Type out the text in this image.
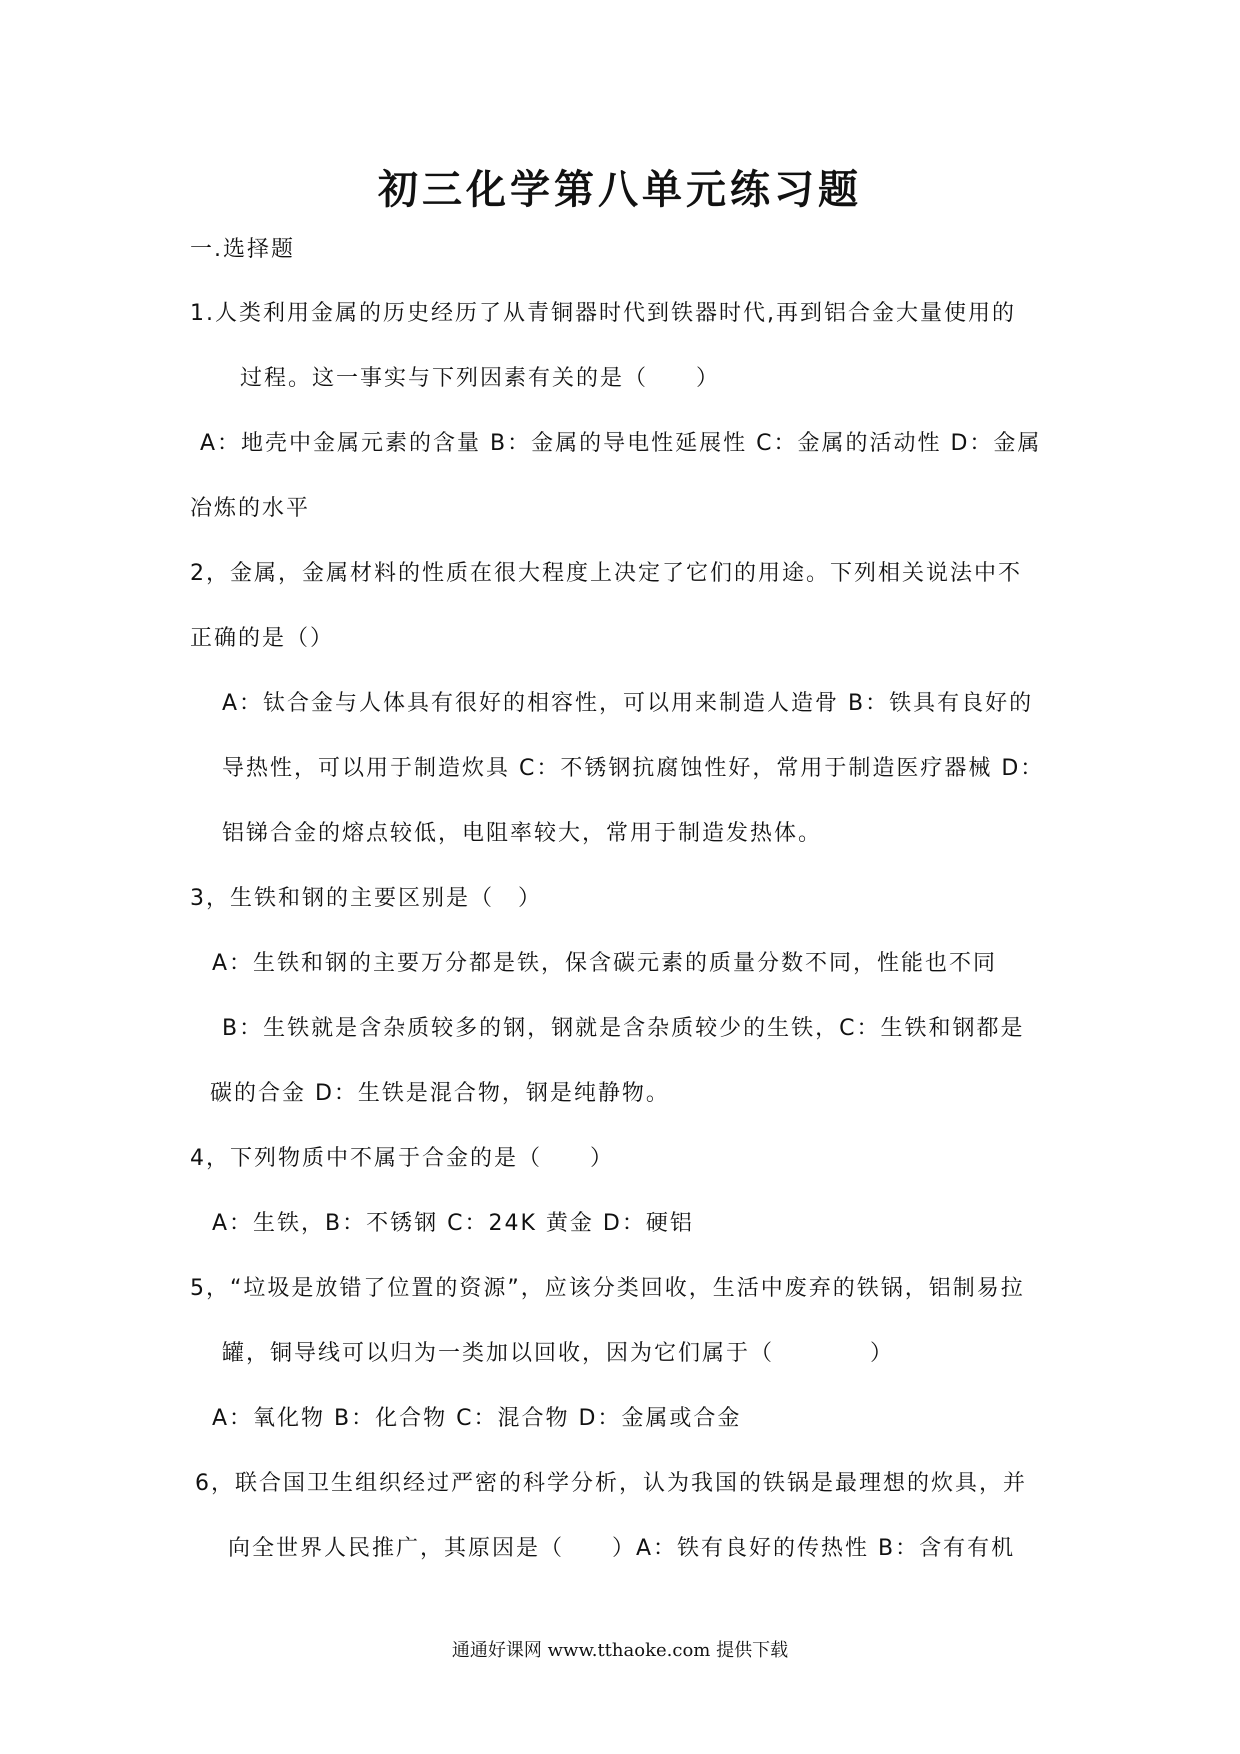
初三化学第八单元练习题
一.选择题
1.人类利用金属的历史经历了从青铜器时代到铁器时代,再到铝合金大量使用的
过程。这一事实与下列因素有关的是（　　）
A：地壳中金属元素的含量 B：金属的导电性延展性 C：金属的活动性 D：金属
冶炼的水平
2，金属，金属材料的性质在很大程度上决定了它们的用途。下列相关说法中不
正确的是（）
A：钛合金与人体具有很好的相容性，可以用来制造人造骨 B：铁具有良好的
导热性，可以用于制造炊具 C：不锈钢抗腐蚀性好，常用于制造医疗器械 D：
铝锑合金的熔点较低，电阻率较大，常用于制造发热体。
3，生铁和钢的主要区别是（　）
A：生铁和钢的主要万分都是铁，保含碳元素的质量分数不同，性能也不同
B：生铁就是含杂质较多的钢，钢就是含杂质较少的生铁，C：生铁和钢都是
碳的合金 D：生铁是混合物，钢是纯静物。
4，下列物质中不属于合金的是（　　）
A：生铁，B：不锈钢 C：24K 黄金 D：硬铝
5，“垃圾是放错了位置的资源”，应该分类回收，生活中废弃的铁锅，铝制易拉
罐，铜导线可以归为一类加以回收，因为它们属于（　　　　）
A：氧化物 B：化合物 C：混合物 D：金属或合金
6，联合国卫生组织经过严密的科学分析，认为我国的铁锅是最理想的炊具，并
向全世界人民推广，其原因是（　　）A：铁有良好的传热性 B：含有有机
通通好课网 www.tthaoke.com 提供下载
